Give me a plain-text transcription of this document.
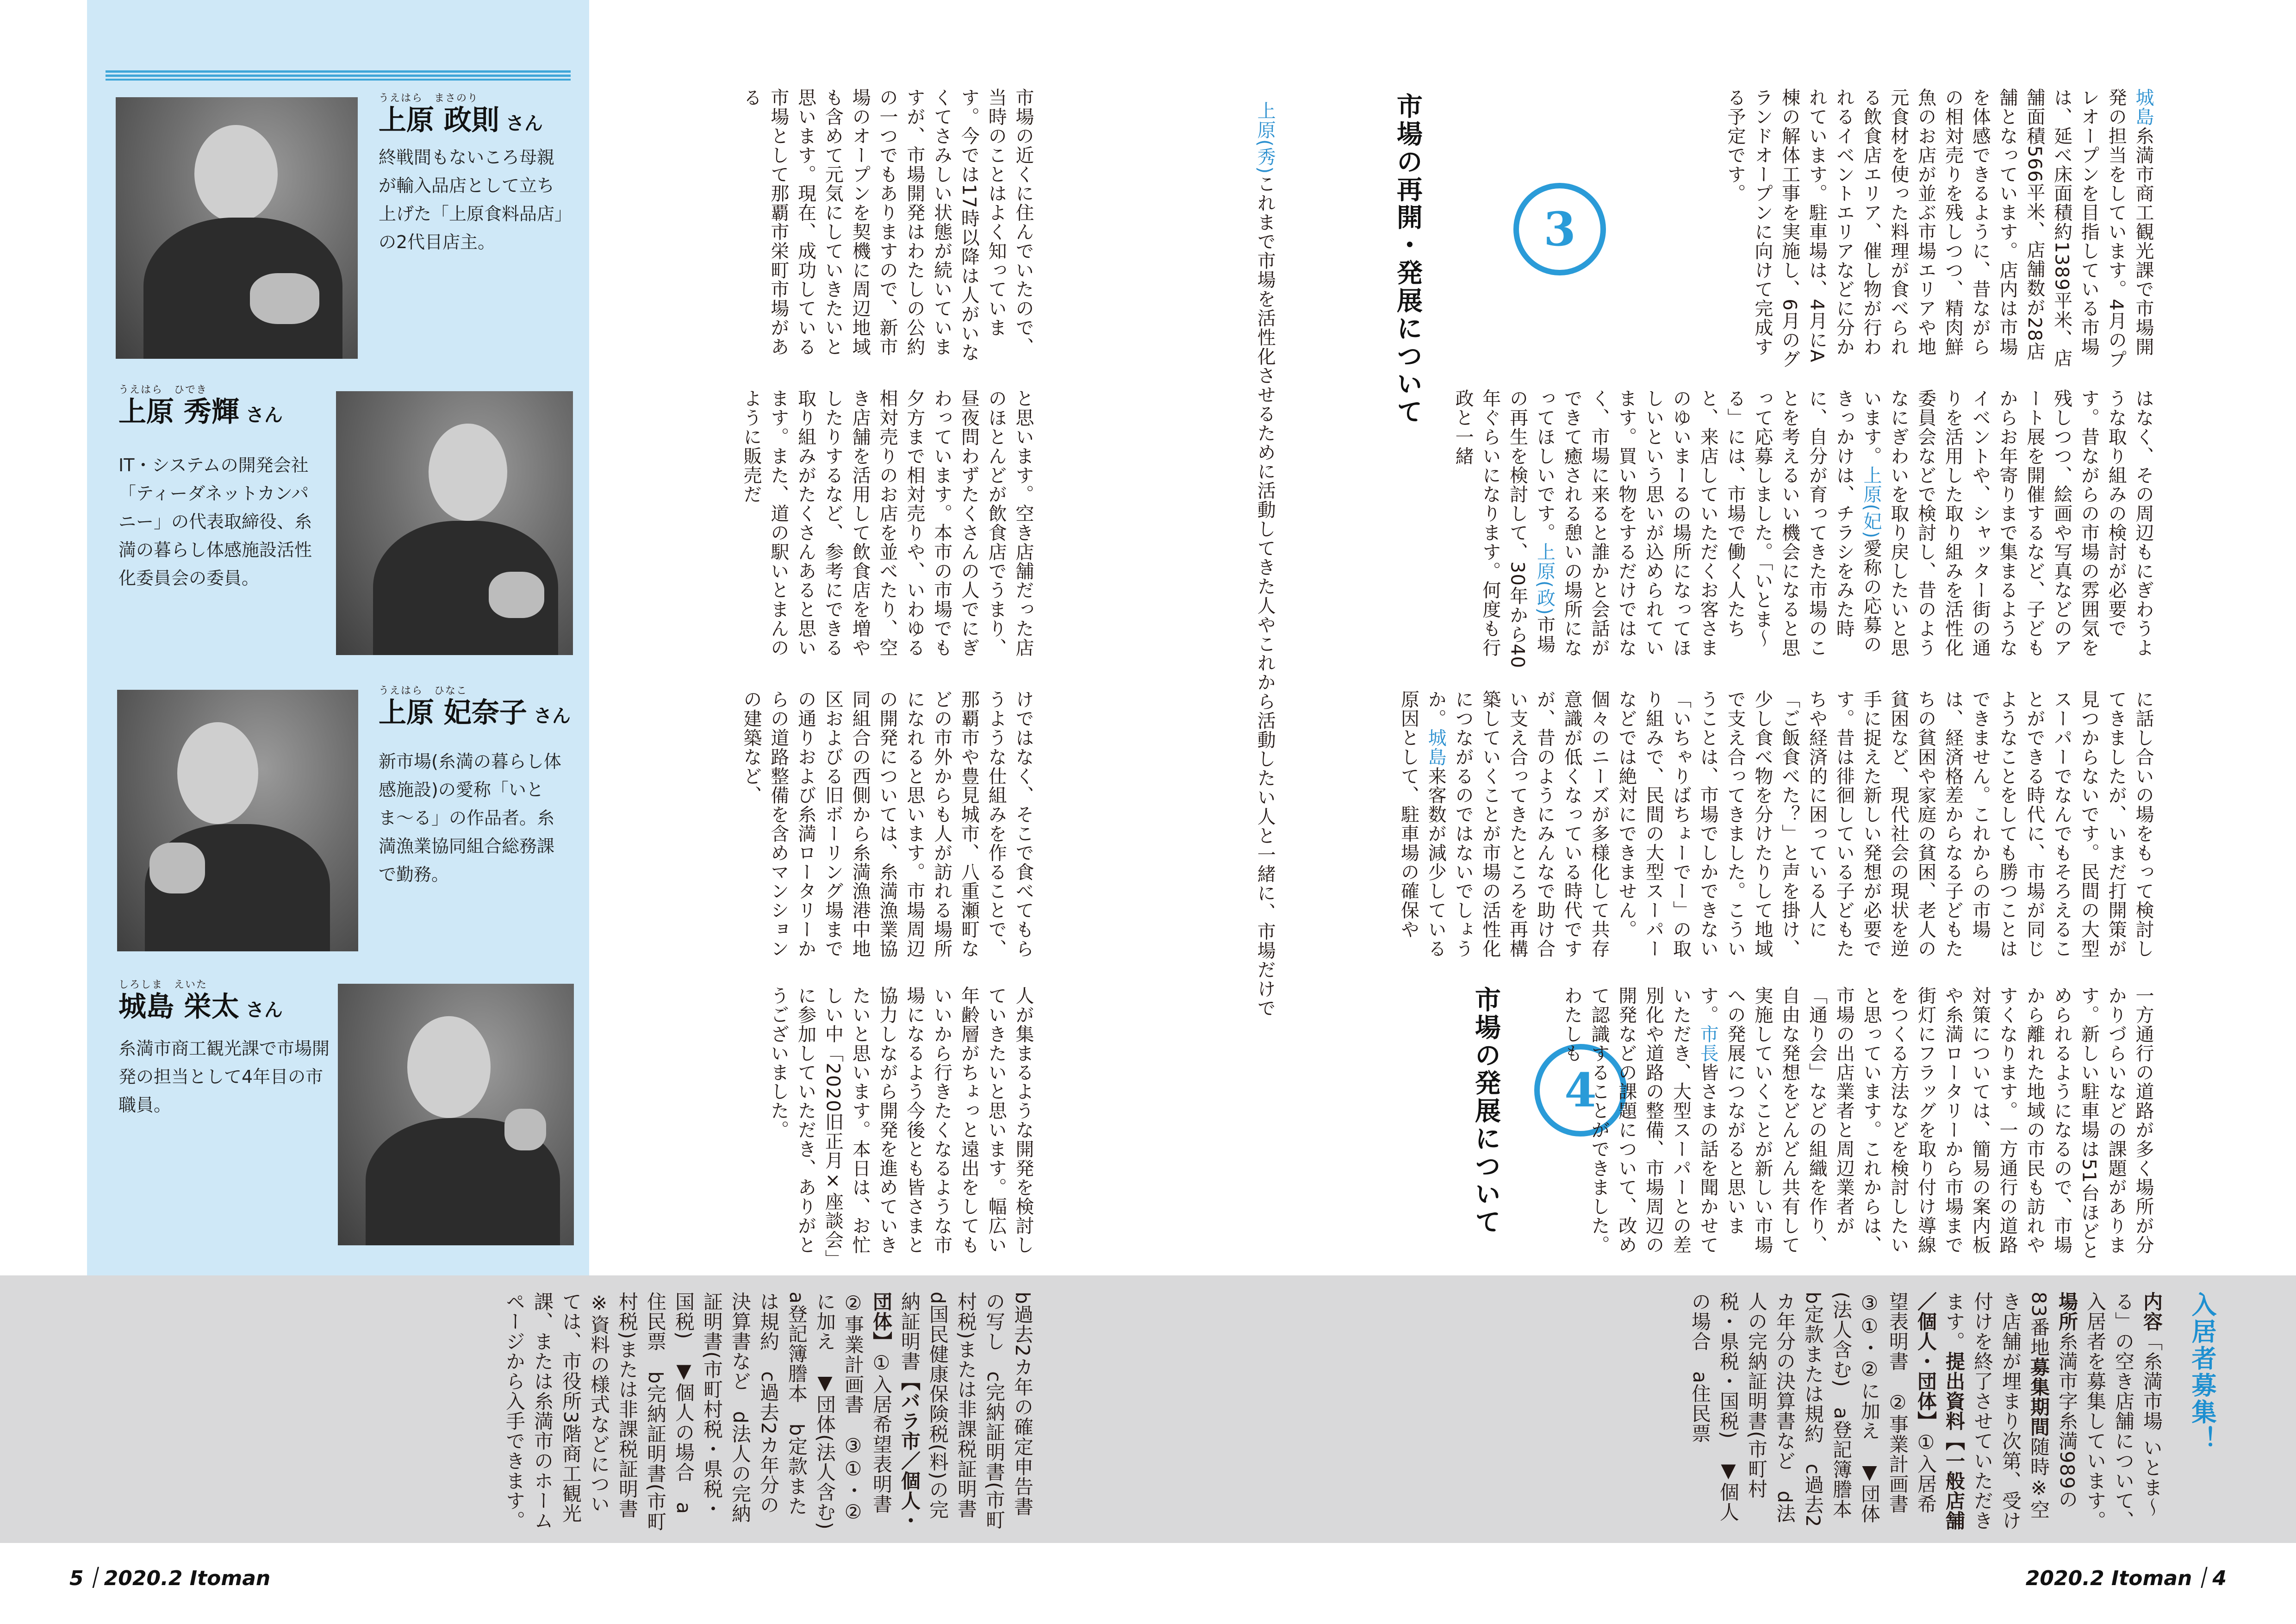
うえはら　まさのり
上原 政則 さん
終戦間もないころ母親が輸入品店として立ち上げた「上原食料品店」の2代目店主。
うえはら　ひでき
上原 秀輝 さん
IT・システムの開発会社「ティーダネットカンパニー」の代表取締役、糸満の暮らし体感施設活性化委員会の委員。
うえはら　ひなこ
上原 妃奈子 さん
新市場(糸満の暮らし体感施設)の愛称「いとま〜る」の作品者。糸満漁業協同組合総務課で勤務。
しろしま　えいた
城島 栄太 さん
糸満市商工観光課で市場開発の担当として4年目の市職員。

上原(秀)これまで市場を活性化させるために活動してきた人やこれから活動したい人と一緒に、市場だけで	市場の再開・発展について	3
市場の近くに住んでいたので、当時のことはよく知っています。今では17時以降は人がいなくてさみしい状態が続いていますが、市場開発はわたしの公約の一つでもありますので、新市場のオープンを契機に周辺地域も含めて元気にしていきたいと思います。現在、成功している市場として那覇市栄町市場がある
と思います。空き店舗だった店のほとんどが飲食店でうまり、昼夜問わずたくさんの人でにぎわっています。本市の市場でも夕方まで相対売りや、いわゆる相対売りのお店を並べたり、空き店舗を活用して飲食店を増やしたりするなど、参考にできる取り組みがたくさんあると思います。また、道の駅いとまんのように販売だ
けではなく、そこで食べてもらうような仕組みを作ることで、那覇市や豊見城市、八重瀬町などの市外からも人が訪れる場所になれると思います。市場周辺の開発については、糸満漁業協同組合の西側から糸満漁港中地区およびる旧ボーリング場までの通りおよび糸満ロータリーからの道路整備を含めマンションの建築など、
人が集まるような開発を検討していきたいと思います。幅広い年齢層がちょっと遠出をしてもいいから行きたくなるような市場になるよう今後とも皆さまと協力しながら開発を進めていきたいと思います。本日は、お忙しい中「2020旧正月×座談会」に参加していただき、ありがとうございました。
城島糸満市商工観光課で市場開発の担当をしています。4月のプレオープンを目指している市場は、延べ床面積約1389平米、店舗面積566平米、店舗数が28店舗となっています。店内は市場を体感できるように、昔ながらの相対売りを残しつつ、精肉鮮魚のお店が並ぶ市場エリアや地元食材を使った料理が食べられる飲食店エリア、催し物が行われるイベントエリアなどに分かれています。駐車場は、4月にA棟の解体工事を実施し、6月のグランドオープンに向けて完成する予定です。
はなく、その周辺もにぎわうような取り組みの検討が必要です。昔ながらの市場の雰囲気を残しつつ、絵画や写真などのアート展を開催するなど、子どもからお年寄りまで集まるようなイベントや、シャッター街の通りを活用した取り組みを活性化委員会などで検討し、昔のようなにぎわいを取り戻したいと思います。上原(妃)愛称の応募のきっかけは、チラシをみた時に、自分が育ってきた市場のことを考えるいい機会になると思って応募しました。「いとま〜る」には、市場で働く人たちと、来店していただくお客さまのゆいまーるの場所になってほしいという思いが込められています。買い物をするだけではなく、市場に来ると誰かと会話ができて癒される憩いの場所になってほしいです。上原(政)市場の再生を検討して、30年から40年ぐらいになります。何度も行政と一緒
に話し合いの場をもって検討してきましたが、いまだ打開策が見つからないです。民間の大型スーパーでなんでもそろえることができる時代に、市場が同じようなことをしても勝つことはできません。これからの市場は、経済格差からなる子どもたちの貧困や家庭の貧困、老人の貧困など、現代社会の現状を逆手に捉えた新しい発想が必要です。昔は徘徊している子どもたちや経済的に困っている人に「ご飯食べた？」と声を掛け、少し食べ物を分けたりして地域で支え合ってきました。こういうことは、市場でしかできない「いちゃりばちょーでー」の取り組みで、民間の大型スーパーなどでは絶対にできません。個々のニーズが多様化して共存意識が低くなっている時代ですが、昔のようにみんなで助け合い支え合ってきたところを再構築していくことが市場の活性化につながるのではないでしょうか。城島来客数が減少している原因として、駐車場の確保や
市場の発展について	4	一方通行の道路が多く場所が分かりづらいなどの課題があります。新しい駐車場は51台ほどとめられるようになるので、市場から離れた地域の市民も訪れやすくなります。一方通行の道路対策については、簡易の案内板や糸満ロータリーから市場まで街灯にフラッグを取り付け導線をつくる方法などを検討したいと思っています。これからは、市場の出店業者と周辺業者が「通り会」などの組織を作り、自由な発想をどんどん共有して実施していくことが新しい市場への発展につながると思います。市長皆さまの話を聞かせていただき、大型スーパーとの差別化や道路の整備、市場周辺の開発などの課題について、改めて認識することができました。わたしも
入居者募集！
内容「糸満市場 いとま〜る」の空き店舗について、入居者を募集しています。場所糸満市字糸満989の83番地募集期間随時※空き店舗が埋まり次第、受け付けを終了させていただきます。提出資料【一般店舗／個人・団体】①入居希望表明書　②事業計画書　③①・②に加え　▼団体(法人含む)　a登記簿謄本　b定款または規約　c過去2カ年分の決算書など　d法人の完納証明書(市町村税・県税・国税)　▼個人の場合　a住民票
b過去2カ年の確定申告書の写し　c完納証明書(市町村税)または非課税証明書　d国民健康保険税(料)の完納証明書【バラ市／個人・団体】①入居希望表明書　②事業計画書　③①・②に加え　▼団体(法人含む)　a登記簿謄本　b定款または規約　c過去2カ年分の決算書など　d法人の完納証明書(市町村税・県税・国税)　▼個人の場合　a住民票　b完納証明書(市町村税)または非課税証明書※資料の様式などについては、市役所3階商工観光課、または糸満市のホームページから入手できます。
5｜2020.2 Itoman	2020.2 Itoman｜4
